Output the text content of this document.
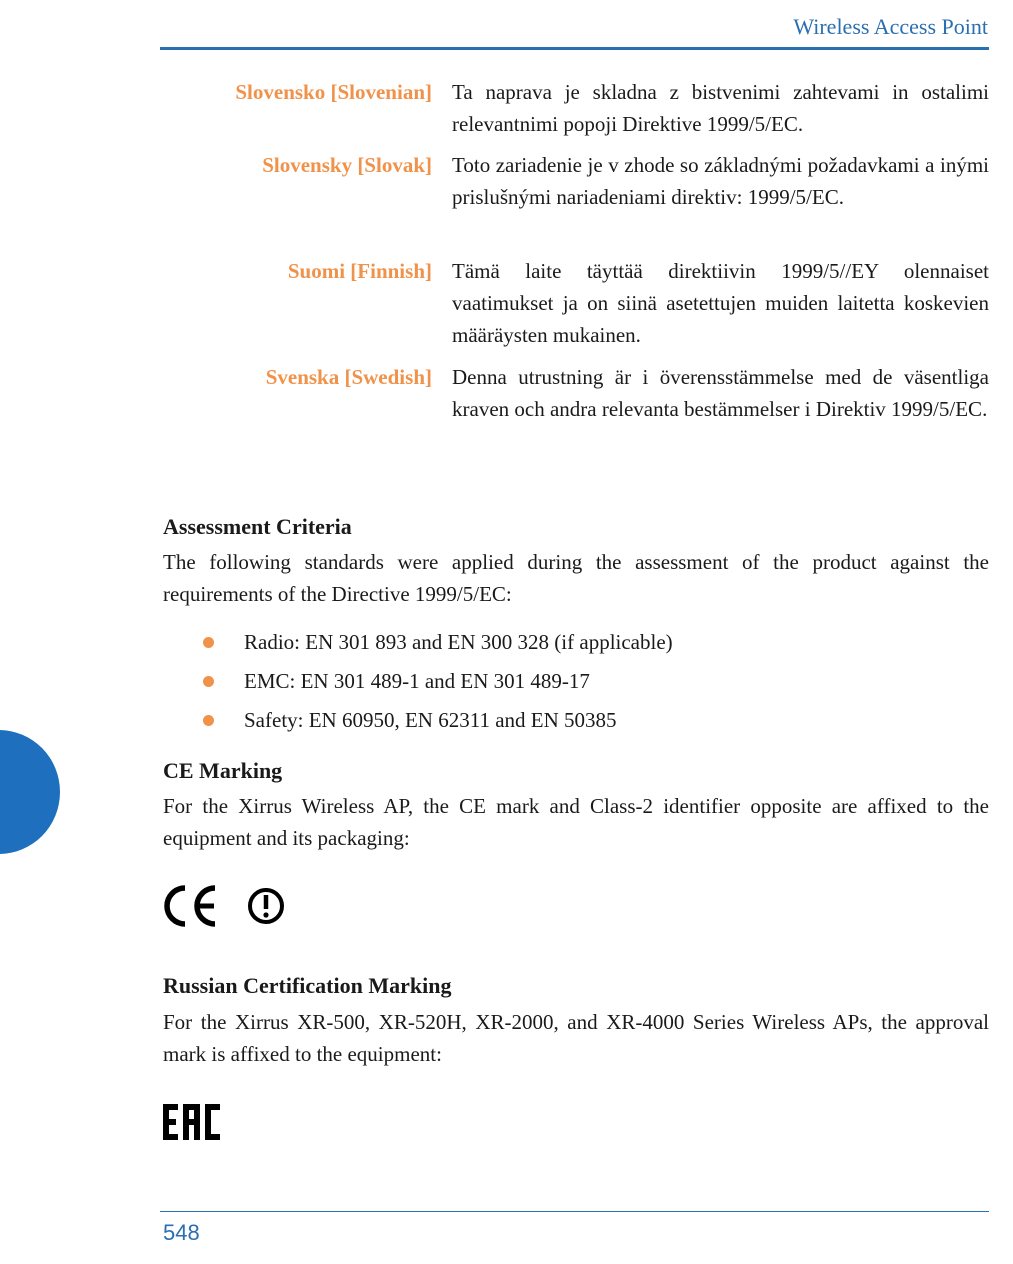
Wireless Access Point
Slovensko [Slovenian] Ta naprava je skladna z bistvenimi zahtevami in ostalimi relevantnimi popoji Direktive 1999/5/EC.
Slovensky [Slovak] Toto zariadenie je v zhode so základnými požadavkami a inými prislušnými nariadeniami direktiv: 1999/5/EC.
Suomi [Finnish] Tämä laite täyttää direktiivin 1999/5//EY olennaiset vaatimukset ja on siinä asetettujen muiden laitetta koskevien määräysten mukainen.
Svenska [Swedish] Denna utrustning är i överensstämmelse med de väsentliga kraven och andra relevanta bestämmelser i Direktiv 1999/5/EC.
Assessment Criteria
The following standards were applied during the assessment of the product against the requirements of the Directive 1999/5/EC:
Radio: EN 301 893 and EN 300 328 (if applicable)
EMC: EN 301 489-1 and EN 301 489-17
Safety: EN 60950, EN 62311 and EN 50385
CE Marking
For the Xirrus Wireless AP, the CE mark and Class-2 identifier opposite are affixed to the equipment and its packaging:
Russian Certification Marking
For the Xirrus XR-500, XR-520H, XR-2000, and XR-4000 Series Wireless APs, the approval mark is affixed to the equipment:
548
